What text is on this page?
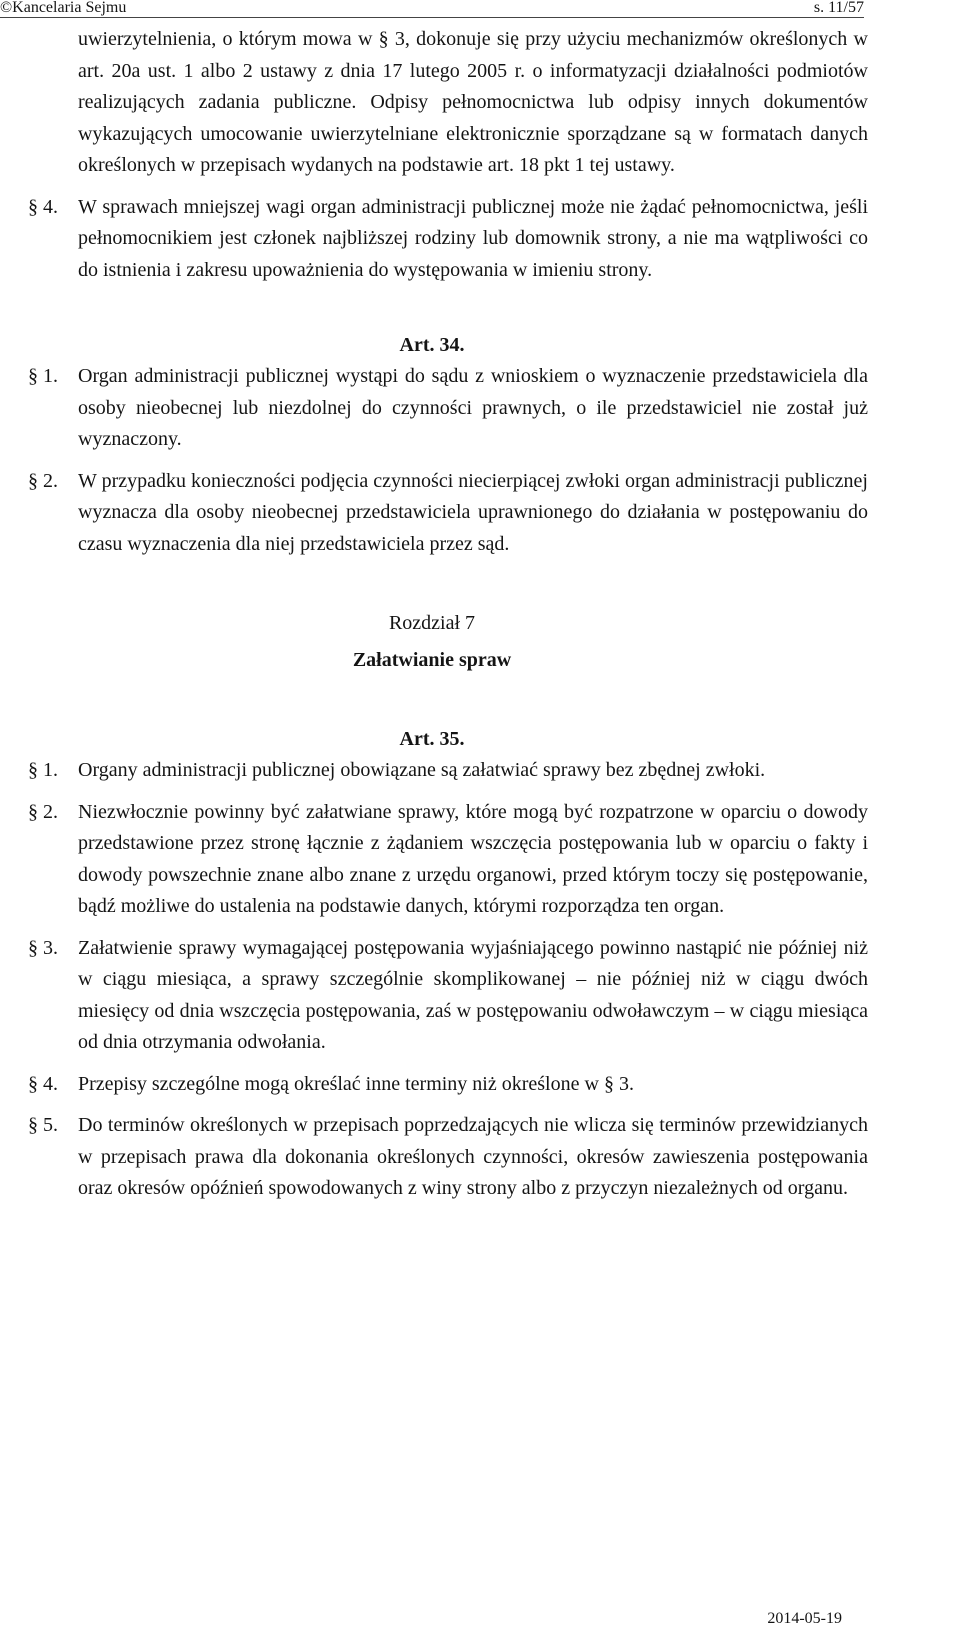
©Kancelaria Sejmu	s. 11/57
uwierzytelnienia, o którym mowa w § 3, dokonuje się przy użyciu mechanizmów określonych w art. 20a ust. 1 albo 2 ustawy z dnia 17 lutego 2005 r. o informatyzacji działalności podmiotów realizujących zadania publiczne. Odpisy pełnomocnictwa lub odpisy innych dokumentów wykazujących umocowanie uwierzytelniane elektronicznie sporządzane są w formatach danych określonych w przepisach wydanych na podstawie art. 18 pkt 1 tej ustawy.
§ 4. W sprawach mniejszej wagi organ administracji publicznej może nie żądać pełnomocnictwa, jeśli pełnomocnikiem jest członek najbliższej rodziny lub domownik strony, a nie ma wątpliwości co do istnienia i zakresu upoważnienia do występowania w imieniu strony.
Art. 34.
§ 1. Organ administracji publicznej wystąpi do sądu z wnioskiem o wyznaczenie przedstawiciela dla osoby nieobecnej lub niezdolnej do czynności prawnych, o ile przedstawiciel nie został już wyznaczony.
§ 2. W przypadku konieczności podjęcia czynności niecierpiącej zwłoki organ administracji publicznej wyznacza dla osoby nieobecnej przedstawiciela uprawnionego do działania w postępowaniu do czasu wyznaczenia dla niej przedstawiciela przez sąd.
Rozdział 7
Załatwianie spraw
Art. 35.
§ 1. Organy administracji publicznej obowiązane są załatwiać sprawy bez zbędnej zwłoki.
§ 2. Niezwłocznie powinny być załatwiane sprawy, które mogą być rozpatrzone w oparciu o dowody przedstawione przez stronę łącznie z żądaniem wszczęcia postępowania lub w oparciu o fakty i dowody powszechnie znane albo znane z urzędu organowi, przed którym toczy się postępowanie, bądź możliwe do ustalenia na podstawie danych, którymi rozporządza ten organ.
§ 3. Załatwienie sprawy wymagającej postępowania wyjaśniającego powinno nastąpić nie później niż w ciągu miesiąca, a sprawy szczególnie skomplikowanej – nie później niż w ciągu dwóch miesięcy od dnia wszczęcia postępowania, zaś w postępowaniu odwoławczym – w ciągu miesiąca od dnia otrzymania odwołania.
§ 4. Przepisy szczególne mogą określać inne terminy niż określone w § 3.
§ 5. Do terminów określonych w przepisach poprzedzających nie wlicza się terminów przewidzianych w przepisach prawa dla dokonania określonych czynności, okresów zawieszenia postępowania oraz okresów opóźnień spowodowanych z winy strony albo z przyczyn niezależnych od organu.
2014-05-19
